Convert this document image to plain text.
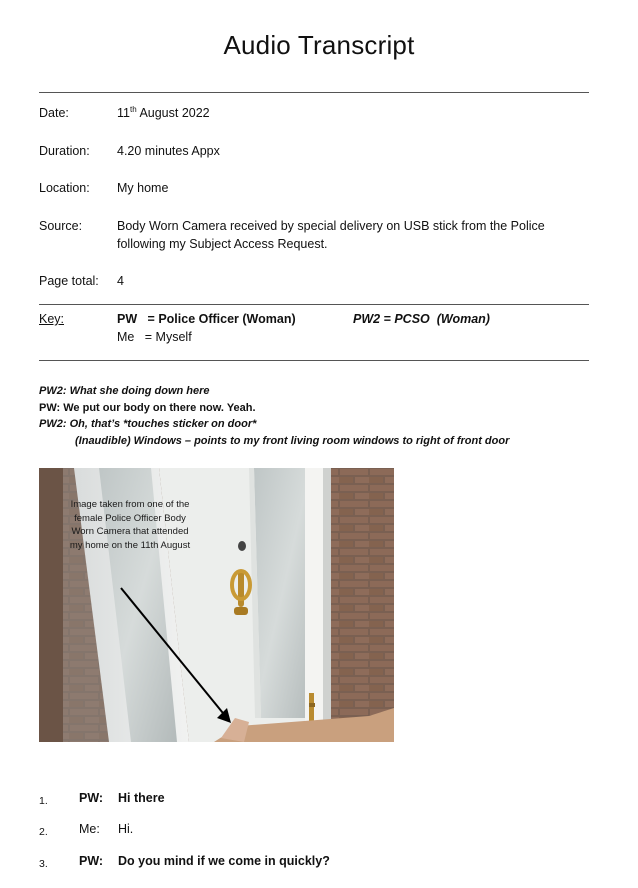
Audio Transcript
Date:	11th August 2022
Duration: 4.20 minutes Appx
Location: My home
Source:	Body Worn Camera received by special delivery on USB stick from the Police following my Subject Access Request.
Page total: 4
Key:	PW   = Police Officer (Woman)	PW2 = PCSO  (Woman)
Me   = Myself
PW2: What she doing down here
PW: We put our body on there now. Yeah.
PW2: Oh, that’s *touches sticker on door*
(Inaudible) Windows – points to my front living room windows to right of front door
Image taken from one of the female Police Officer Body Worn Camera that attended my home on the 11th August
1. PW: Hi there
2. Me: Hi.
3. PW: Do you mind if we come in quickly?
